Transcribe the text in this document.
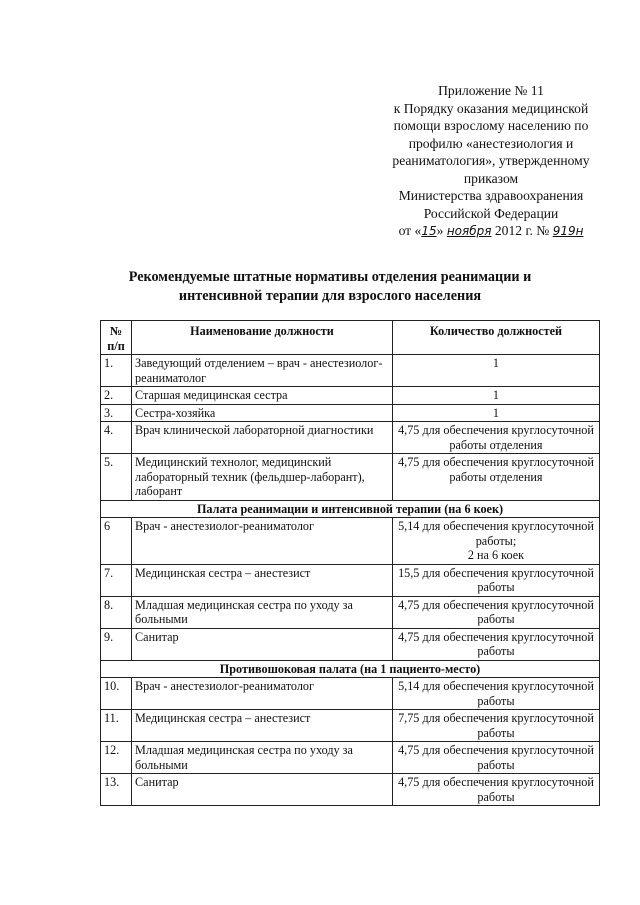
Приложение № 11
к Порядку оказания медицинской
помощи взрослому населению по
профилю «анестезиология и
реаниматология», утвержденному
приказом
Министерства здравоохранения
Российской Федерации
от «15» ноября 2012 г. № 919н
Рекомендуемые штатные нормативы отделения реанимации и
интенсивной терапии для взрослого населения
№ п/п	Наименование должности	Количество должностей
1.	Заведующий отделением – врач - анестезиолог-реаниматолог	1
2.	Старшая медицинская сестра	1
3.	Сестра-хозяйка	1
4.	Врач клинической лабораторной диагностики	4,75 для обеспечения круглосуточной работы отделения
5.	Медицинский технолог, медицинский лабораторный техник (фельдшер-лаборант), лаборант	4,75 для обеспечения круглосуточной работы отделения
Палата реанимации и интенсивной терапии (на 6 коек)		
6	Врач - анестезиолог-реаниматолог	5,14 для обеспечения круглосуточной работы;
2 на 6 коек

7.	Медицинская сестра – анестезист	15,5 для обеспечения круглосуточной работы
8.	Младшая медицинская сестра по уходу за больными	4,75 для обеспечения круглосуточной работы
9.	Санитар	4,75 для обеспечения круглосуточной работы
Противошоковая палата (на 1 пациенто-место)		
10.	Врач - анестезиолог-реаниматолог	5,14 для обеспечения круглосуточной работы
11.	Медицинская сестра – анестезист	7,75 для обеспечения круглосуточной работы
12.	Младшая медицинская сестра по уходу за больными	4,75 для обеспечения круглосуточной работы
13.	Санитар	4,75 для обеспечения круглосуточной работы
